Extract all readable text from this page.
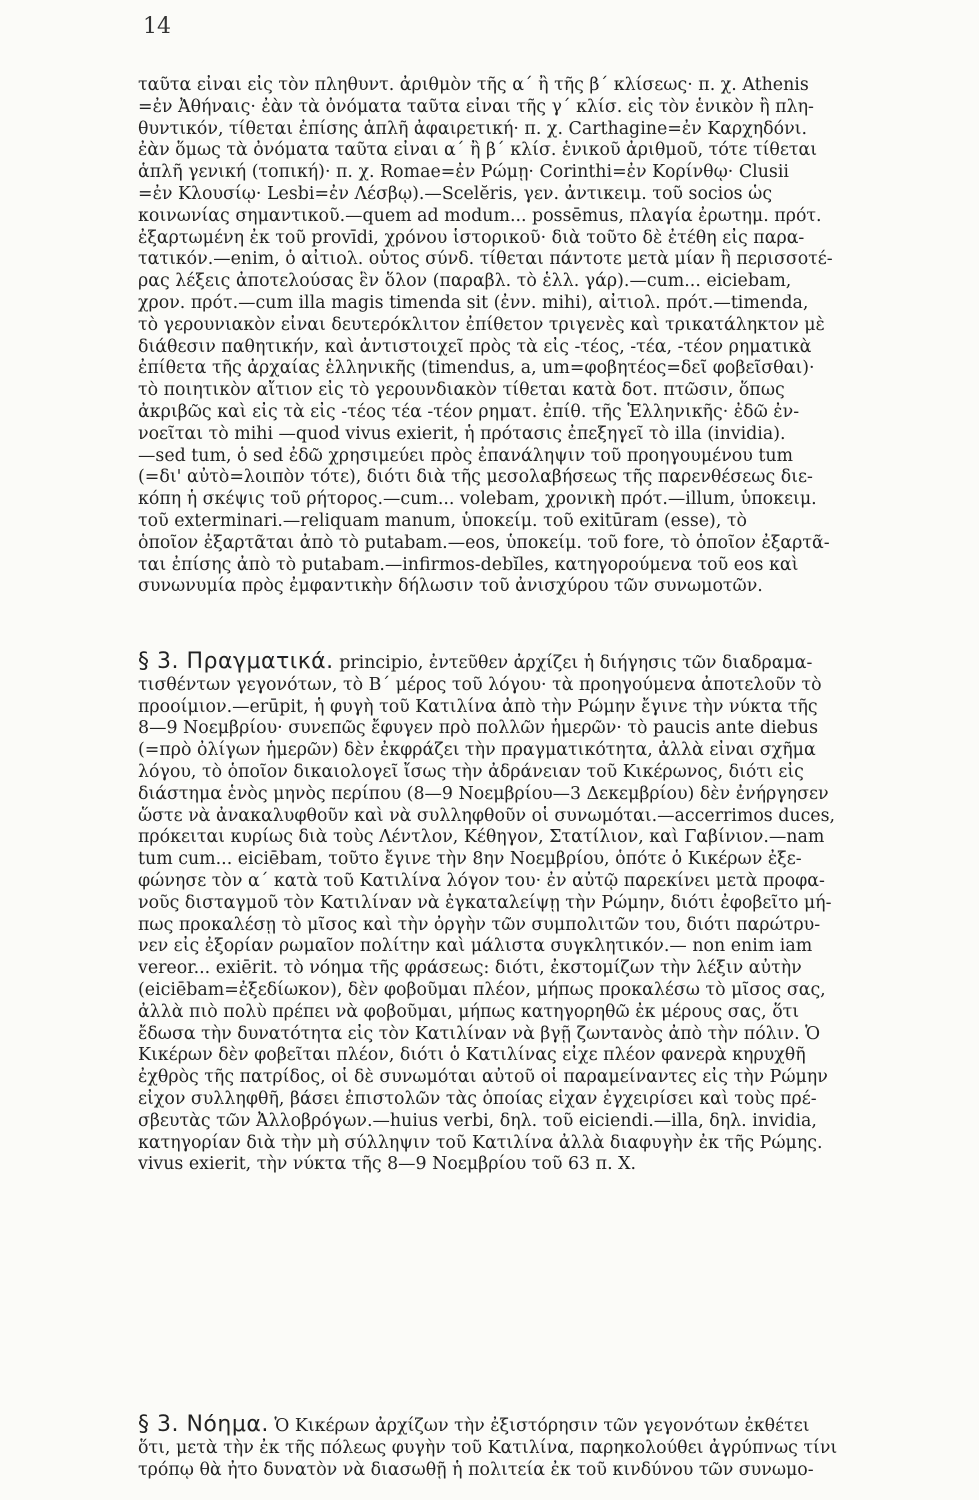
14
ταῦτα εἶναι εἰς τὸν πληθυντ. ἀριθμὸν τῆς α΄ ἢ τῆς β΄ κλίσεως· π. χ. Athenis
=ἐν Ἀθήναις· ἐὰν τὰ ὀνόματα ταῦτα εἶναι τῆς γ΄ κλίσ. εἰς τὸν ἑνικὸν ἢ πλη-
θυντικόν, τίθεται ἐπίσης ἁπλῆ ἀφαιρετική· π. χ. Carthagine=ἐν Καρχηδόνι.
ἐὰν ὅμως τὰ ὀνόματα ταῦτα εἶναι α΄ ἢ β΄ κλίσ. ἑνικοῦ ἀριθμοῦ, τότε τίθεται
ἁπλῆ γενική (τοπική)· π. χ. Romae=ἐν Ρώμῃ· Corinthi=ἐν Κορίνθῳ· Clusii
=ἐν Κλουσίῳ· Lesbi=ἐν Λέσβῳ).—Scelĕris, γεν. ἀντικειμ. τοῦ socios ὡς
κοινωνίας σημαντικοῦ.—quem ad modum... possēmus, πλαγία ἐρωτημ. πρότ.
ἐξαρτωμένη ἐκ τοῦ provīdi, χρόνου ἱστορικοῦ· διὰ τοῦτο δὲ ἐτέθη εἰς παρα-
τατικόν.—enim, ὁ αἰτιολ. οὗτος σύνδ. τίθεται πάντοτε μετὰ μίαν ἢ περισσοτέ-
ρας λέξεις ἀποτελούσας ἓν ὅλον (παραβλ. τὸ ἑλλ. γάρ).—cum... eiciebam,
χρον. πρότ.—cum illa magis timenda sit (ἐνν. mihi), αἰτιολ. πρότ.—timenda,
τὸ γερουνιακὸν εἶναι δευτερόκλιτον ἐπίθετον τριγενὲς καὶ τρικατάληκτον μὲ
διάθεσιν παθητικήν, καὶ ἀντιστοιχεῖ πρὸς τὰ εἰς -τέος, -τέα, -τέον ρηματικὰ
ἐπίθετα τῆς ἀρχαίας ἑλληνικῆς (timendus, a, um=φοβητέος=δεῖ φοβεῖσθαι)·
τὸ ποιητικὸν αἴτιον εἰς τὸ γερουνδιακὸν τίθεται κατὰ δοτ. πτῶσιν, ὅπως
ἀκριβῶς καὶ εἰς τὰ εἰς -τέος τέα -τέον ρηματ. ἐπίθ. τῆς Ἑλληνικῆς· ἐδῶ ἐν-
νοεῖται τὸ mihi —quod vivus exierit, ἡ πρότασις ἐπεξηγεῖ τὸ illa (invidia).
—sed tum, ὁ sed ἐδῶ χρησιμεύει πρὸς ἐπανάληψιν τοῦ προηγουμένου tum
(=δι' αὐτὸ=λοιπὸν τότε), διότι διὰ τῆς μεσολαβήσεως τῆς παρενθέσεως διε-
κόπη ἡ σκέψις τοῦ ρήτορος.—cum... volebam, χρονικὴ πρότ.—illum, ὑποκειμ.
τοῦ exterminari.—reliquam manum, ὑποκείμ. τοῦ exitūram (esse), τὸ
ὁποῖον ἐξαρτᾶται ἀπὸ τὸ putabam.—eos, ὑποκείμ. τοῦ fore, τὸ ὁποῖον ἐξαρτᾶ-
ται ἐπίσης ἀπὸ τὸ putabam.—infirmos-debĭles, κατηγορούμενα τοῦ eos καὶ
συνωνυμία πρὸς ἐμφαντικὴν δήλωσιν τοῦ ἀνισχύρου τῶν συνωμοτῶν.
§ 3. Πραγματικά. principio, ἐντεῦθεν ἀρχίζει ἡ διήγησις τῶν διαδραμα-
τισθέντων γεγονότων, τὸ Β΄ μέρος τοῦ λόγου· τὰ προηγούμενα ἀποτελοῦν τὸ
προοίμιον.—erūpit, ἡ φυγὴ τοῦ Κατιλίνα ἀπὸ τὴν Ρώμην ἔγινε τὴν νύκτα τῆς
8—9 Νοεμβρίου· συνεπῶς ἔφυγεν πρὸ πολλῶν ἡμερῶν· τὸ paucis ante diebus
(=πρὸ ὀλίγων ἡμερῶν) δὲν ἐκφράζει τὴν πραγματικότητα, ἀλλὰ εἶναι σχῆμα
λόγου, τὸ ὁποῖον δικαιολογεῖ ἴσως τὴν ἀδράνειαν τοῦ Κικέρωνος, διότι εἰς
διάστημα ἑνὸς μηνὸς περίπου (8—9 Νοεμβρίου—3 Δεκεμβρίου) δὲν ἐνήργησεν
ὥστε νὰ ἀνακαλυφθοῦν καὶ νὰ συλληφθοῦν οἱ συνωμόται.—accerrimos duces,
πρόκειται κυρίως διὰ τοὺς Λέντλον, Κέθηγον, Στατίλιον, καὶ Γαβίνιον.—nam
tum cum... eiciēbam, τοῦτο ἔγινε τὴν 8ην Νοεμβρίου, ὁπότε ὁ Κικέρων ἐξε-
φώνησε τὸν α΄ κατὰ τοῦ Κατιλίνα λόγον του· ἐν αὐτῷ παρεκίνει μετὰ προφα-
νοῦς δισταγμοῦ τὸν Κατιλίναν νὰ ἐγκαταλείψῃ τὴν Ρώμην, διότι ἐφοβεῖτο μή-
πως προκαλέσῃ τὸ μῖσος καὶ τὴν ὀργὴν τῶν συμπολιτῶν του, διότι παρώτρυ-
νεν εἰς ἐξορίαν ρωμαῖον πολίτην καὶ μάλιστα συγκλητικόν.— non enim iam
vereor... exiērit. τὸ νόημα τῆς φράσεως: διότι, ἐκστομίζων τὴν λέξιν αὐτὴν
(eiciēbam=ἐξεδίωκον), δὲν φοβοῦμαι πλέον, μήπως προκαλέσω τὸ μῖσος σας,
ἀλλὰ πιὸ πολὺ πρέπει νὰ φοβοῦμαι, μήπως κατηγορηθῶ ἐκ μέρους σας, ὅτι
ἔδωσα τὴν δυνατότητα εἰς τὸν Κατιλίναν νὰ βγῇ ζωντανὸς ἀπὸ τὴν πόλιν. Ὁ
Κικέρων δὲν φοβεῖται πλέον, διότι ὁ Κατιλίνας εἶχε πλέον φανερὰ κηρυχθῆ
ἐχθρὸς τῆς πατρίδος, οἱ δὲ συνωμόται αὐτοῦ οἱ παραμείναντες εἰς τὴν Ρώμην
εἶχον συλληφθῆ, βάσει ἐπιστολῶν τὰς ὁποίας εἶχαν ἐγχειρίσει καὶ τοὺς πρέ-
σβευτὰς τῶν Ἀλλοβρόγων.—huius verbi, δηλ. τοῦ eiciendi.—illa, δηλ. invidia,
κατηγορίαν διὰ τὴν μὴ σύλληψιν τοῦ Κατιλίνα ἀλλὰ διαφυγὴν ἐκ τῆς Ρώμης.
vivus exierit, τὴν νύκτα τῆς 8—9 Νοεμβρίου τοῦ 63 π. Χ.
§ 3. Νόημα. Ὁ Κικέρων ἀρχίζων τὴν ἐξιστόρησιν τῶν γεγονότων ἐκθέτει
ὅτι, μετὰ τὴν ἐκ τῆς πόλεως φυγὴν τοῦ Κατιλίνα, παρηκολούθει ἀγρύπνως τίνι
τρόπῳ θὰ ἦτο δυνατὸν νὰ διασωθῇ ἡ πολιτεία ἐκ τοῦ κινδύνου τῶν συνωμο-
